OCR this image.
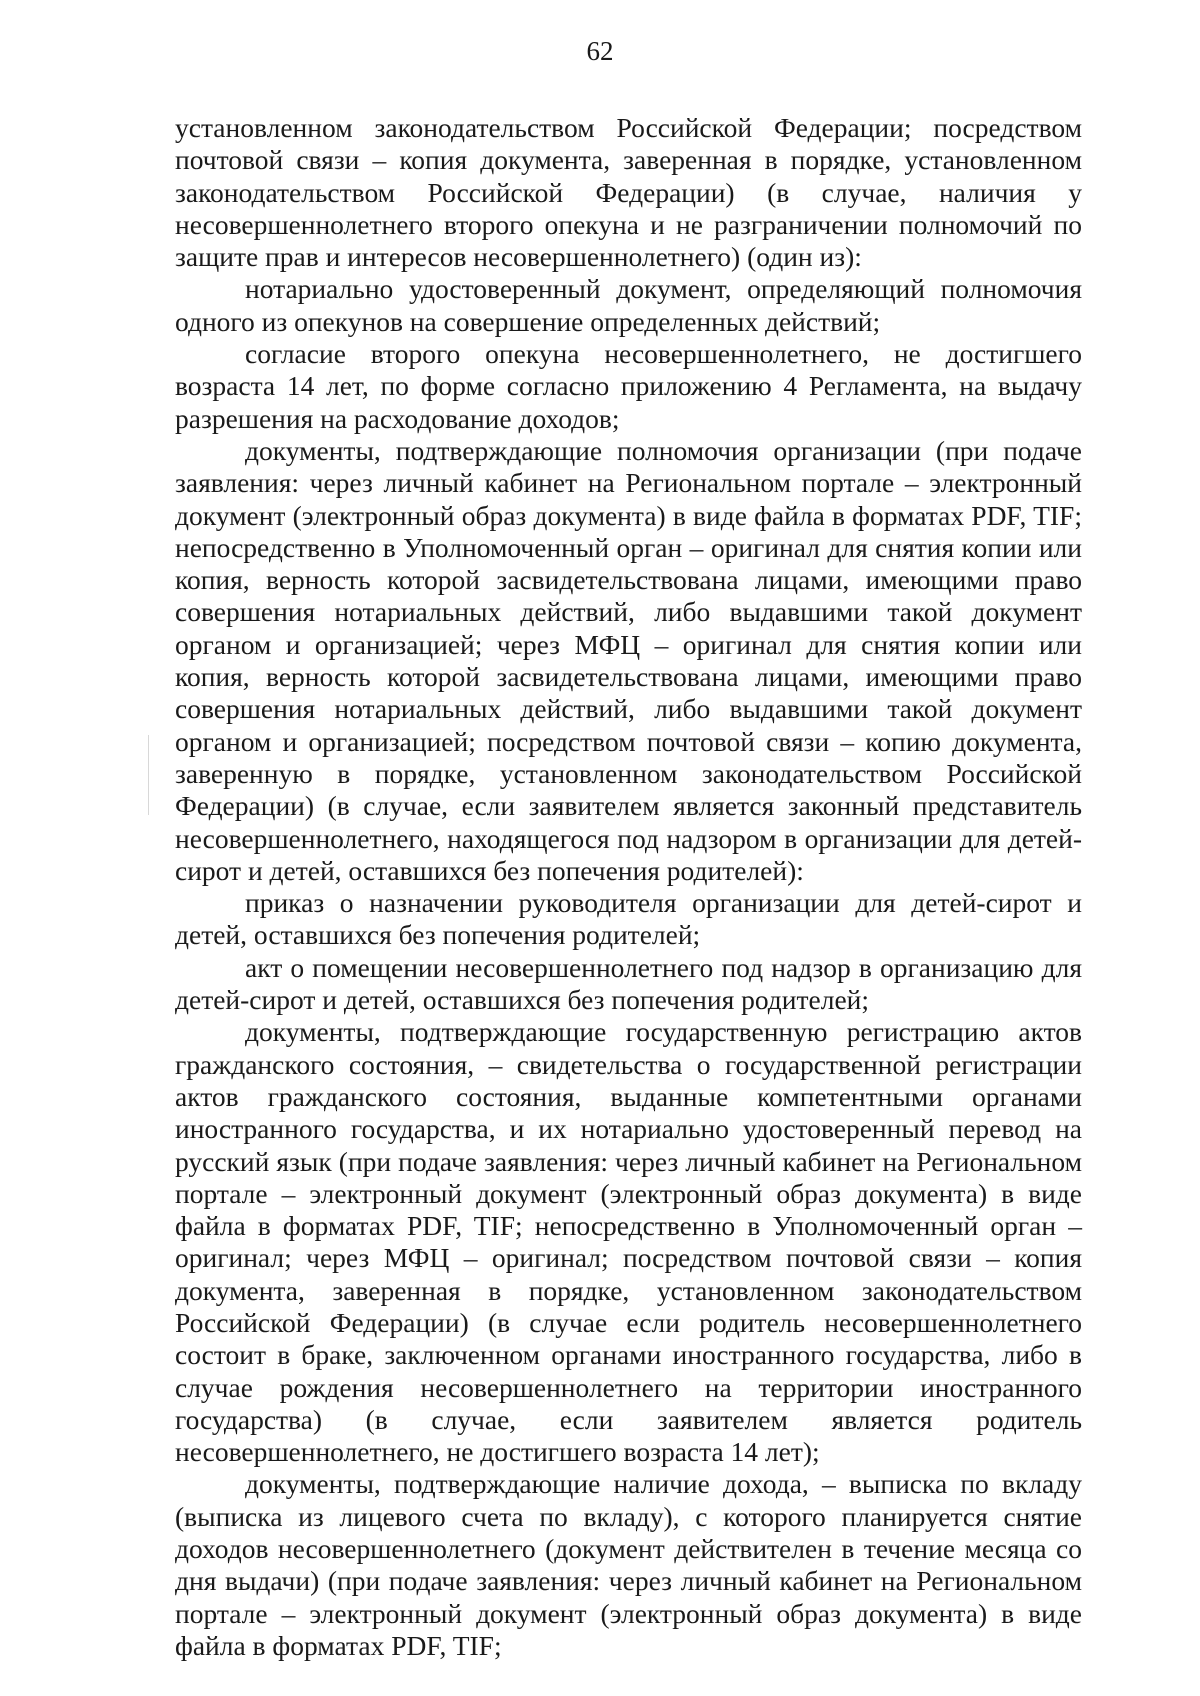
62

установленном законодательством Российской Федерации; посредством почтовой связи – копия документа, заверенная в порядке, установленном законодательством Российской Федерации) (в случае, наличия у несовершеннолетнего второго опекуна и не разграничении полномочий по защите прав и интересов несовершеннолетнего) (один из):

нотариально удостоверенный документ, определяющий полномочия одного из опекунов на совершение определенных действий;

согласие второго опекуна несовершеннолетнего, не достигшего возраста 14 лет, по форме согласно приложению 4 Регламента, на выдачу разрешения на расходование доходов;

документы, подтверждающие полномочия организации (при подаче заявления: через личный кабинет на Региональном портале – электронный документ (электронный образ документа) в виде файла в форматах PDF, TIF; непосредственно в Уполномоченный орган – оригинал для снятия копии или копия, верность которой засвидетельствована лицами, имеющими право совершения нотариальных действий, либо выдавшими такой документ органом и организацией; через МФЦ – оригинал для снятия копии или копия, верность которой засвидетельствована лицами, имеющими право совершения нотариальных действий, либо выдавшими такой документ органом и организацией; посредством почтовой связи – копию документа, заверенную в порядке, установленном законодательством Российской Федерации) (в случае, если заявителем является законный представитель несовершеннолетнего, находящегося под надзором в организации для детей-сирот и детей, оставшихся без попечения родителей):

приказ о назначении руководителя организации для детей-сирот и детей, оставшихся без попечения родителей;

акт о помещении несовершеннолетнего под надзор в организацию для детей-сирот и детей, оставшихся без попечения родителей;

документы, подтверждающие государственную регистрацию актов гражданского состояния, – свидетельства о государственной регистрации актов гражданского состояния, выданные компетентными органами иностранного государства, и их нотариально удостоверенный перевод на русский язык (при подаче заявления: через личный кабинет на Региональном портале – электронный документ (электронный образ документа) в виде файла в форматах PDF, TIF; непосредственно в Уполномоченный орган – оригинал; через МФЦ – оригинал; посредством почтовой связи – копия документа, заверенная в порядке, установленном законодательством Российской Федерации) (в случае если родитель несовершеннолетнего состоит в браке, заключенном органами иностранного государства, либо в случае рождения несовершеннолетнего на территории иностранного государства) (в случае, если заявителем является родитель несовершеннолетнего, не достигшего возраста 14 лет);

документы, подтверждающие наличие дохода, – выписка по вкладу (выписка из лицевого счета по вкладу), с которого планируется снятие доходов несовершеннолетнего (документ действителен в течение месяца со дня выдачи) (при подаче заявления: через личный кабинет на Региональном портале – электронный документ (электронный образ документа) в виде файла в форматах PDF, TIF;
